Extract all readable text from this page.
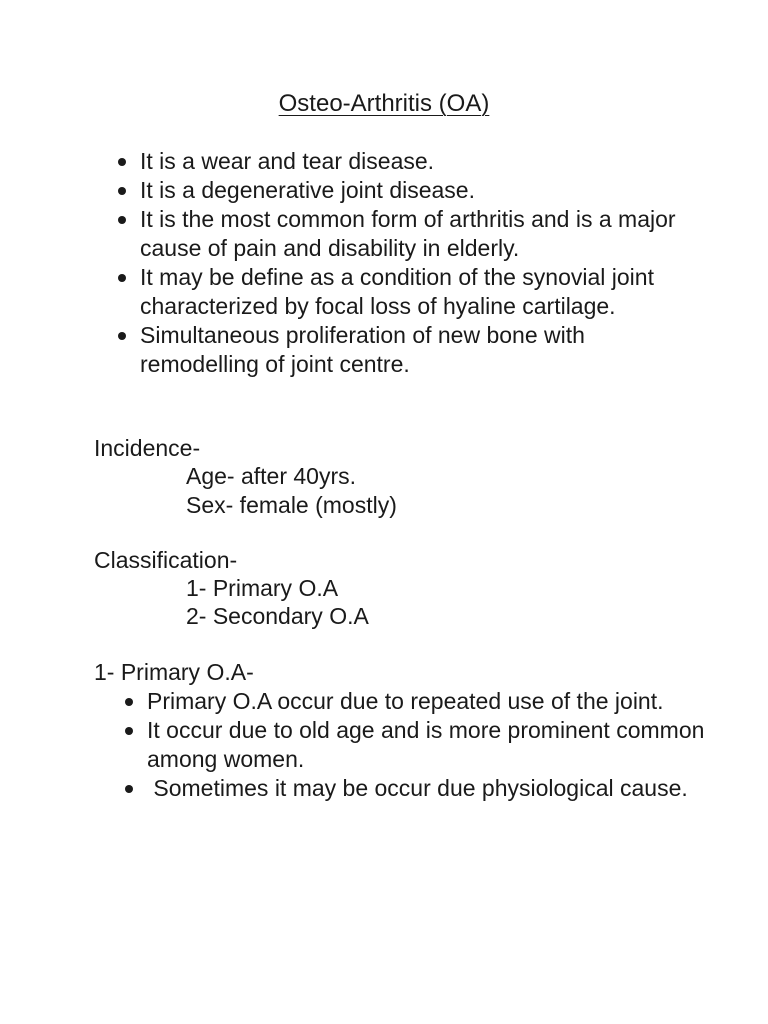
Osteo-Arthritis (OA)
It is a wear and tear disease.
It is a degenerative joint disease.
It is the most common form of arthritis and is a major cause of pain and disability in elderly.
It may be define as a condition of the synovial joint characterized by focal loss of hyaline cartilage.
Simultaneous proliferation of new bone with remodelling of joint centre.
Incidence-
Age- after 40yrs.
Sex- female (mostly)
Classification-
1- Primary O.A
2- Secondary O.A
1- Primary O.A-
Primary O.A occur due to repeated use of the joint.
It occur due to old age and is more prominent common among women.
Sometimes it may be occur due physiological cause.
